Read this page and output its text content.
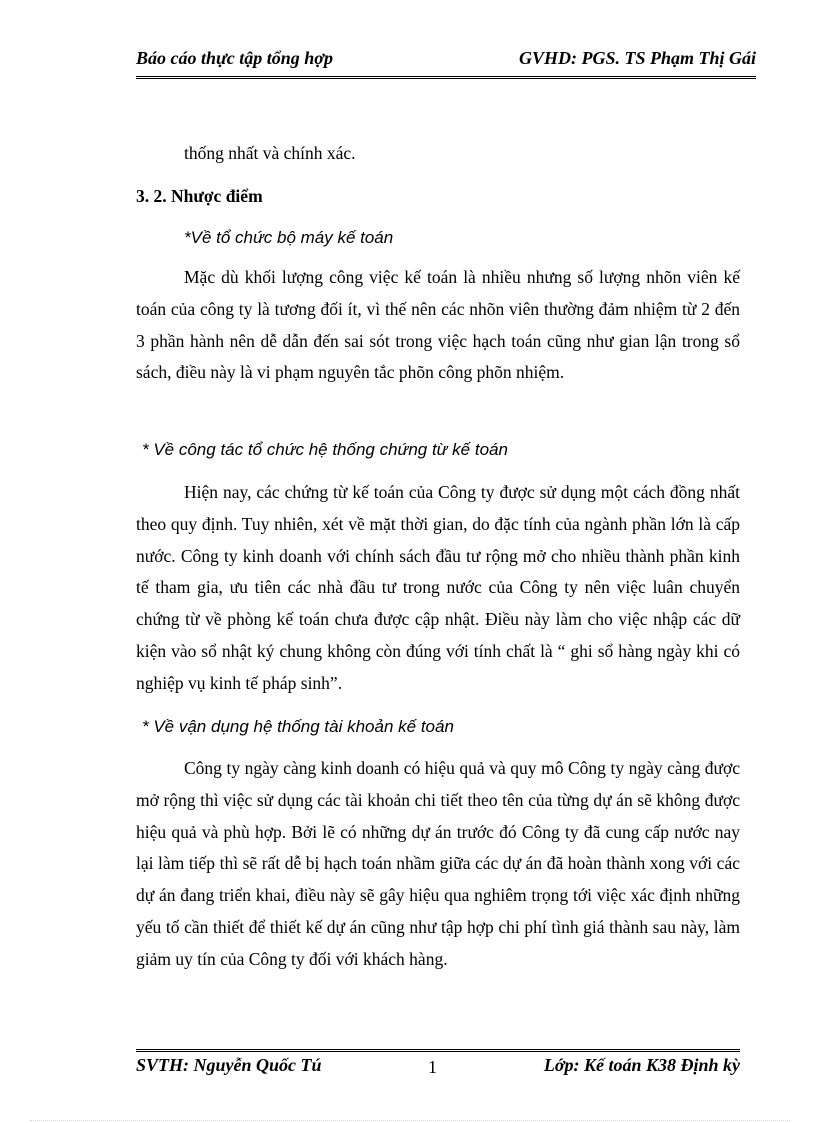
Báo cáo thực tập tổng hợp	GVHD: PGS. TS Phạm Thị Gái

thống nhất và chính xác.

3. 2. Nhược điểm

*Về tổ chức bộ máy kế toán

Mặc dù khối lượng công việc kế toán là nhiều nhưng số lượng nhõn viên kế toán của công ty là tương đối ít, vì thế nên các nhõn viên thường đảm nhiệm từ 2 đến 3 phần hành nên dễ dẫn đến sai sót trong việc hạch toán cũng như gian lận trong sổ sách, điều này là vi phạm nguyên tắc phõn công phõn nhiệm.

* Về công tác tổ chức hệ thống chứng từ kế toán

Hiện nay, các chứng từ kế toán của Công ty được sử dụng một cách đồng nhất theo quy định. Tuy nhiên, xét về mặt thời gian, do đặc tính của ngành phần lớn là cấp nước. Công ty kinh doanh với chính sách đầu tư rộng mở cho nhiều thành phần kinh tế tham gia, ưu tiên các nhà đầu tư trong nước của Công ty nên việc luân chuyển chứng từ về phòng kế toán chưa được cập nhật. Điều này làm cho việc nhập các dữ kiện vào sổ nhật ký chung không còn đúng với tính chất là “ ghi sổ hàng ngày khi có nghiệp vụ kinh tế pháp sinh”.

* Về vận dụng hệ thống tài khoản kế toán

Công ty ngày càng kinh doanh có hiệu quả và quy mô Công ty ngày càng được mở rộng thì việc sử dụng các tài khoản chi tiết theo tên của từng dự án sẽ không được hiệu quả và phù hợp. Bởi lẽ có những dự án trước đó Công ty đã cung cấp nước nay lại làm tiếp thì sẽ rất dễ bị hạch toán nhầm giữa các dự án đã hoàn thành xong với các dự án đang triển khai, điều này sẽ gây hiệu qua nghiêm trọng tới việc xác định những yếu tố cần thiết để thiết kế dự án cũng như tập hợp chi phí tình giá thành sau này, làm giảm uy tín của Công ty đối với khách hàng.

SVTH: Nguyễn Quốc Tú	1	Lớp: Kế toán K38 Định kỳ
